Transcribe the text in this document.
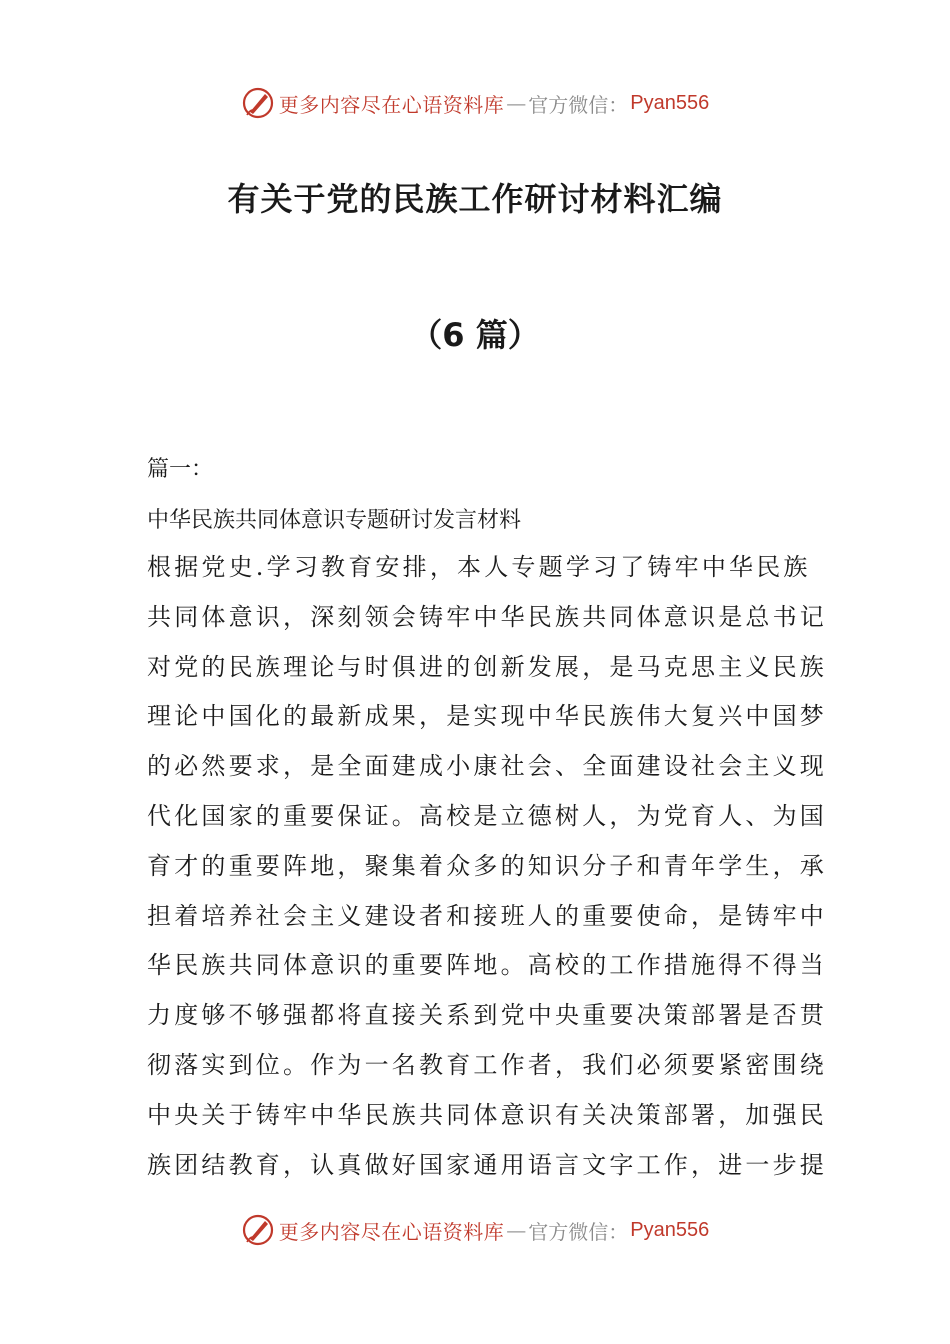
更多内容尽在心语资料库 — 官方微信： Pyan556
有关于党的民族工作研讨材料汇编
（6 篇）
篇一：
中华民族共同体意识专题研讨发言材料
根据党史.学习教育安排，本人专题学习了铸牢中华民族
共同体意识，深刻领会铸牢中华民族共同体意识是总书记
对党的民族理论与时俱进的创新发展，是马克思主义民族
理论中国化的最新成果，是实现中华民族伟大复兴中国梦
的必然要求，是全面建成小康社会、全面建设社会主义现
代化国家的重要保证。高校是立德树人，为党育人、为国
育才的重要阵地，聚集着众多的知识分子和青年学生，承
担着培养社会主义建设者和接班人的重要使命，是铸牢中
华民族共同体意识的重要阵地。高校的工作措施得不得当
力度够不够强都将直接关系到党中央重要决策部署是否贯
彻落实到位。作为一名教育工作者，我们必须要紧密围绕
中央关于铸牢中华民族共同体意识有关决策部署，加强民
族团结教育，认真做好国家通用语言文字工作，进一步提
更多内容尽在心语资料库 — 官方微信： Pyan556
